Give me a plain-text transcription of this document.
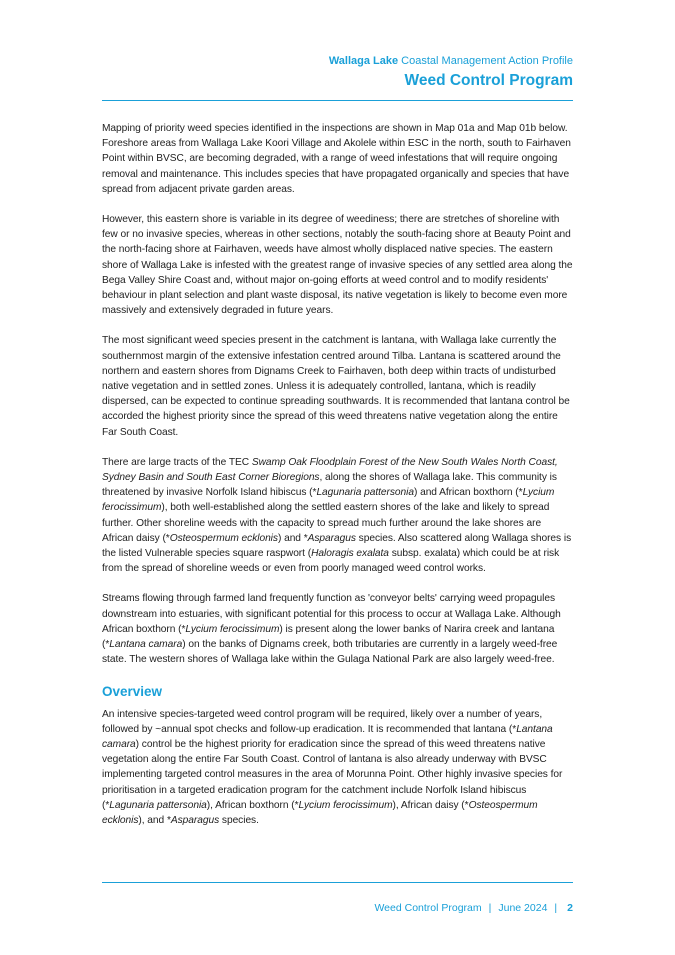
Wallaga Lake Coastal Management Action Profile
Weed Control Program

Mapping of priority weed species identified in the inspections are shown in Map 01a and Map 01b below. Foreshore areas from Wallaga Lake Koori Village and Akolele within ESC in the north, south to Fairhaven Point within BVSC, are becoming degraded, with a range of weed infestations that will require ongoing removal and maintenance. This includes species that have propagated organically and species that have spread from adjacent private garden areas.

However, this eastern shore is variable in its degree of weediness; there are stretches of shoreline with few or no invasive species, whereas in other sections, notably the south-facing shore at Beauty Point and the north-facing shore at Fairhaven, weeds have almost wholly displaced native species. The eastern shore of Wallaga Lake is infested with the greatest range of invasive species of any settled area along the Bega Valley Shire Coast and, without major on-going efforts at weed control and to modify residents' behaviour in plant selection and plant waste disposal, its native vegetation is likely to become even more massively and extensively degraded in future years.

The most significant weed species present in the catchment is lantana, with Wallaga lake currently the southernmost margin of the extensive infestation centred around Tilba. Lantana is scattered around the northern and eastern shores from Dignams Creek to Fairhaven, both deep within tracts of undisturbed native vegetation and in settled zones. Unless it is adequately controlled, lantana, which is readily dispersed, can be expected to continue spreading southwards. It is recommended that lantana control be accorded the highest priority since the spread of this weed threatens native vegetation along the entire Far South Coast.

There are large tracts of the TEC Swamp Oak Floodplain Forest of the New South Wales North Coast, Sydney Basin and South East Corner Bioregions, along the shores of Wallaga lake. This community is threatened by invasive Norfolk Island hibiscus (*Lagunaria pattersonia) and African boxthorn (*Lycium ferocissimum), both well-established along the settled eastern shores of the lake and likely to spread further. Other shoreline weeds with the capacity to spread much further around the lake shores are African daisy (*Osteospermum ecklonis) and *Asparagus species. Also scattered along Wallaga shores is the listed Vulnerable species square raspwort (Haloragis exalata subsp. exalata) which could be at risk from the spread of shoreline weeds or even from poorly managed weed control works.

Streams flowing through farmed land frequently function as 'conveyor belts' carrying weed propagules downstream into estuaries, with significant potential for this process to occur at Wallaga Lake. Although African boxthorn (*Lycium ferocissimum) is present along the lower banks of Narira creek and lantana (*Lantana camara) on the banks of Dignams creek, both tributaries are currently in a largely weed-free state. The western shores of Wallaga lake within the Gulaga National Park are also largely weed-free.

Overview

An intensive species-targeted weed control program will be required, likely over a number of years, followed by ~annual spot checks and follow-up eradication. It is recommended that lantana (*Lantana camara) control be the highest priority for eradication since the spread of this weed threatens native vegetation along the entire Far South Coast. Control of lantana is also already underway with BVSC implementing targeted control measures in the area of Morunna Point. Other highly invasive species for prioritisation in a targeted eradication program for the catchment include Norfolk Island hibiscus (*Lagunaria pattersonia), African boxthorn (*Lycium ferocissimum), African daisy (*Osteospermum ecklonis), and *Asparagus species.

Weed Control Program | June 2024 | 2
